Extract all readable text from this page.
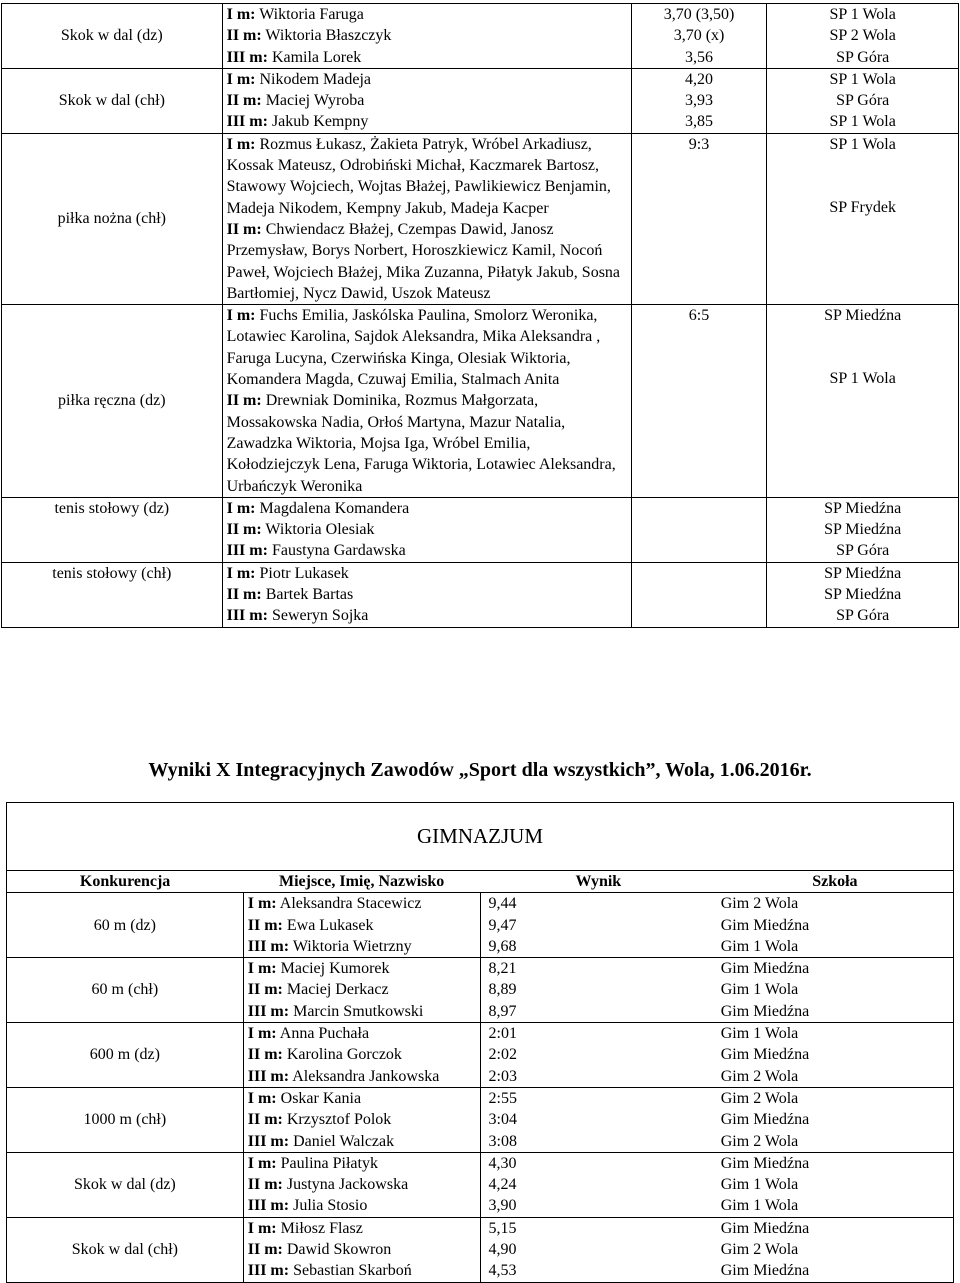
Skok w dal (dz)	I m: Wiktoria Faruga
II m: Wiktoria Błaszczyk
III m: Kamila Lorek	3,70 (3,50)
3,70 (x)
3,56	SP 1 Wola
SP 2 Wola
SP Góra

Skok w dal (chł)	I m: Nikodem Madeja
II m: Maciej Wyroba
III m: Jakub Kempny	4,20
3,93
3,85	SP 1 Wola
SP Góra
SP 1 Wola

piłka nożna (chł)	I m: Rozmus Łukasz, Żakieta Patryk, Wróbel Arkadiusz, Kossak Mateusz, Odrobiński Michał, Kaczmarek Bartosz, Stawowy Wojciech, Wojtas Błażej, Pawlikiewicz Benjamin, Madeja Nikodem, Kempny Jakub, Madeja Kacper
II m: Chwiendacz Błażej, Czempas Dawid, Janosz Przemysław, Borys Norbert, Horoszkiewicz Kamil, Nocoń Paweł, Wojciech Błażej, Mika Zuzanna, Piłatyk Jakub, Sosna Bartłomiej, Nycz Dawid, Uszok Mateusz	9:3	SP 1 Wola
SP Frydek

piłka ręczna (dz)	I m: Fuchs Emilia, Jaskólska Paulina, Smolorz Weronika, Lotawiec Karolina, Sajdok Aleksandra, Mika Aleksandra , Faruga Lucyna, Czerwińska Kinga, Olesiak Wiktoria, Komandera Magda, Czuwaj Emilia, Stalmach Anita
II m: Drewniak Dominika, Rozmus Małgorzata, Mossakowska Nadia, Orłoś Martyna, Mazur Natalia, Zawadzka Wiktoria, Mojsa Iga, Wróbel Emilia, Kołodziejczyk Lena, Faruga Wiktoria, Lotawiec Aleksandra, Urbańczyk Weronika	6:5	SP Miedźna
SP 1 Wola

tenis stołowy (dz)	I m: Magdalena Komandera
II m: Wiktoria Olesiak
III m: Faustyna Gardawska		SP Miedźna
SP Miedźna
SP Góra

tenis stołowy (chł)	I m: Piotr Lukasek
II m: Bartek Bartas
III m: Seweryn Sojka		SP Miedźna
SP Miedźna
SP Góra
Wyniki X Integracyjnych Zawodów „Sport dla wszystkich”, Wola, 1.06.2016r.
GIMNAZJUM			
Konkurencja	Miejsce, Imię, Nazwisko	Wynik	Szkoła
60 m (dz)	I m: Aleksandra Stacewicz
II m: Ewa Lukasek
III m: Wiktoria Wietrzny	9,44
9,47
9,68	Gim 2 Wola
Gim Miedźna
Gim 1 Wola

60 m (chł)	I m: Maciej Kumorek
II m: Maciej Derkacz
III m: Marcin Smutkowski	8,21
8,89
8,97	Gim Miedźna
Gim 1 Wola
Gim Miedźna

600 m (dz)	I m: Anna Puchała
II m: Karolina Gorczok
III m: Aleksandra Jankowska	2:01
2:02
2:03	Gim 1 Wola
Gim Miedźna
Gim 2 Wola

1000 m (chł)	I m: Oskar Kania
II m: Krzysztof Polok
III m: Daniel Walczak	2:55
3:04
3:08	Gim 2 Wola
Gim Miedźna
Gim 2 Wola

Skok w dal (dz)	I m: Paulina Piłatyk
II m: Justyna Jackowska
III m: Julia Stosio	4,30
4,24
3,90	Gim Miedźna
Gim 1 Wola
Gim 1 Wola

Skok w dal (chł)	I m: Miłosz Flasz
II m: Dawid Skowron
III m: Sebastian Skarboń	5,15
4,90
4,53	Gim Miedźna
Gim 2 Wola
Gim Miedźna
